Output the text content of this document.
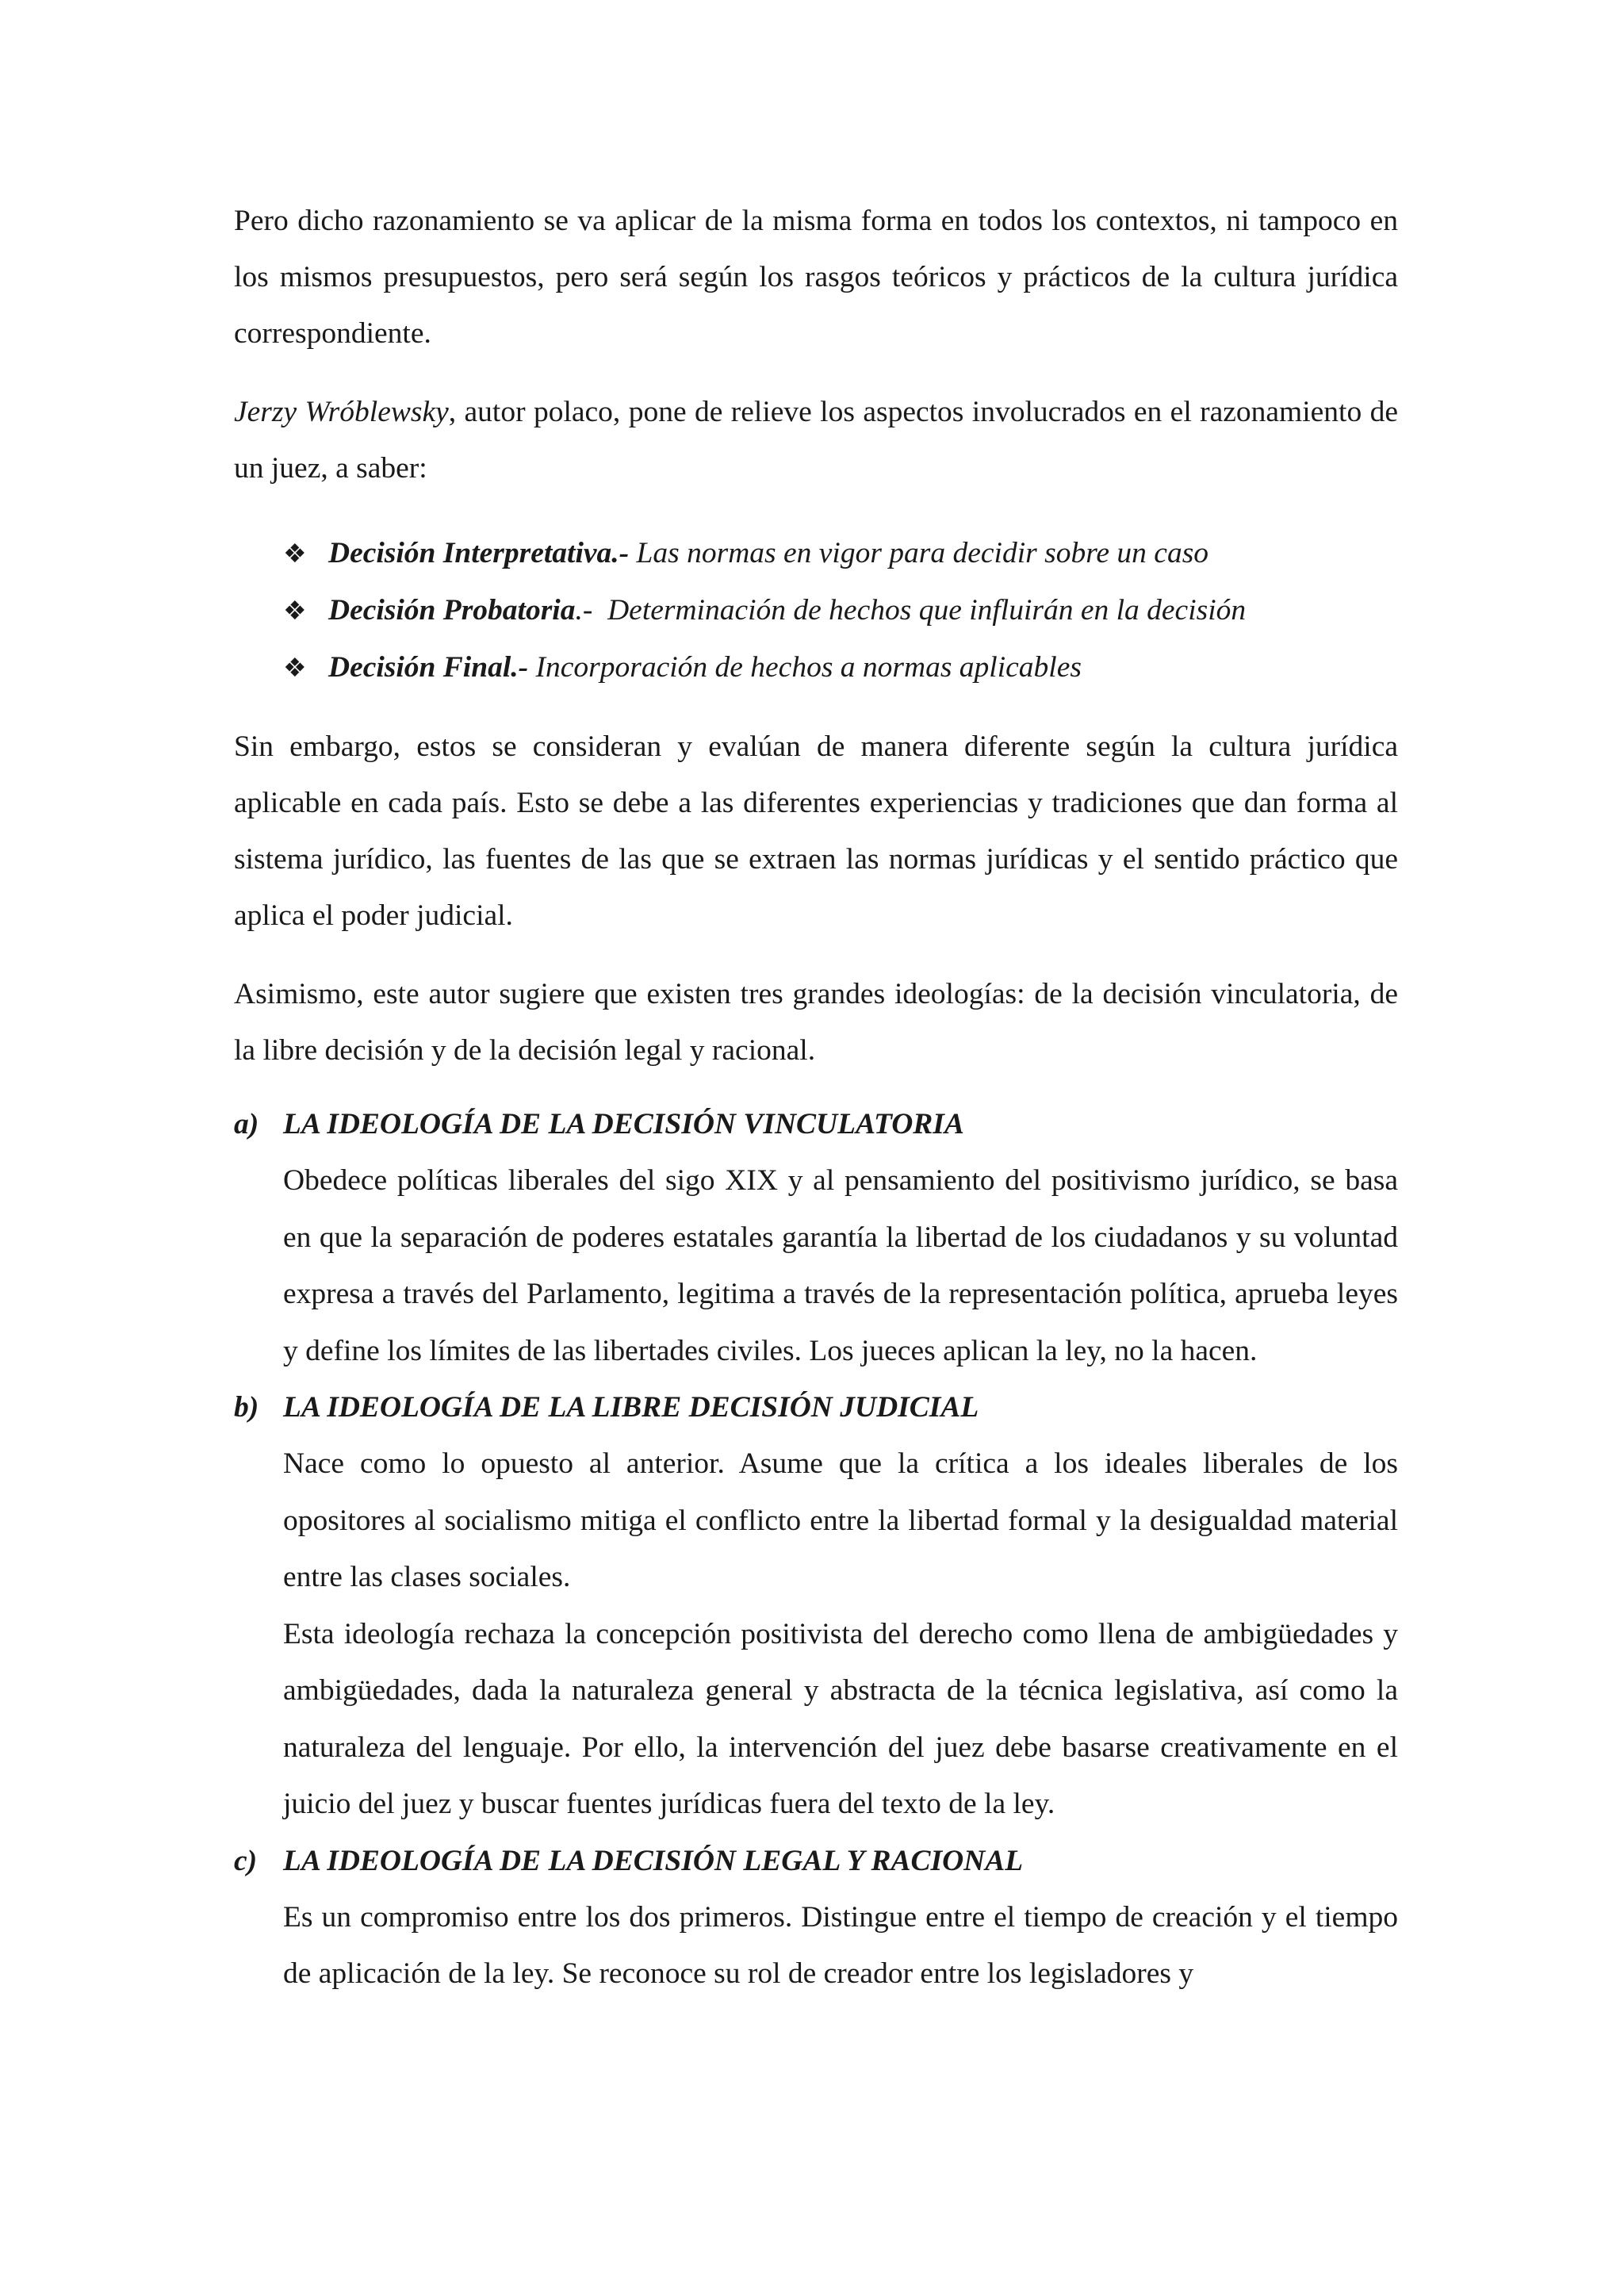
Pero dicho razonamiento se va aplicar de la misma forma en todos los contextos, ni tampoco en los mismos presupuestos, pero será según los rasgos teóricos y prácticos de la cultura jurídica correspondiente.

Jerzy Wróblewsky, autor polaco, pone de relieve los aspectos involucrados en el razonamiento de un juez, a saber:

❖ Decisión Interpretativa.- Las normas en vigor para decidir sobre un caso
❖ Decisión Probatoria.-  Determinación de hechos que influirán en la decisión
❖ Decisión Final.- Incorporación de hechos a normas aplicables

Sin embargo, estos se consideran y evalúan de manera diferente según la cultura jurídica aplicable en cada país. Esto se debe a las diferentes experiencias y tradiciones que dan forma al sistema jurídico, las fuentes de las que se extraen las normas jurídicas y el sentido práctico que aplica el poder judicial.

Asimismo, este autor sugiere que existen tres grandes ideologías: de la decisión vinculatoria, de la libre decisión y de la decisión legal y racional.

a) LA IDEOLOGÍA DE LA DECISIÓN VINCULATORIA

Obedece políticas liberales del sigo XIX y al pensamiento del positivismo jurídico, se basa en que la separación de poderes estatales garantía la libertad de los ciudadanos y su voluntad expresa a través del Parlamento, legitima a través de la representación política, aprueba leyes y define los límites de las libertades civiles. Los jueces aplican la ley, no la hacen.

b) LA IDEOLOGÍA DE LA LIBRE DECISIÓN JUDICIAL

Nace como lo opuesto al anterior. Asume que la crítica a los ideales liberales de los opositores al socialismo mitiga el conflicto entre la libertad formal y la desigualdad material entre las clases sociales.

Esta ideología rechaza la concepción positivista del derecho como llena de ambigüedades y ambigüedades, dada la naturaleza general y abstracta de la técnica legislativa, así como la naturaleza del lenguaje. Por ello, la intervención del juez debe basarse creativamente en el juicio del juez y buscar fuentes jurídicas fuera del texto de la ley.

c) LA IDEOLOGÍA DE LA DECISIÓN LEGAL Y RACIONAL

Es un compromiso entre los dos primeros. Distingue entre el tiempo de creación y el tiempo de aplicación de la ley. Se reconoce su rol de creador entre los legisladores y
